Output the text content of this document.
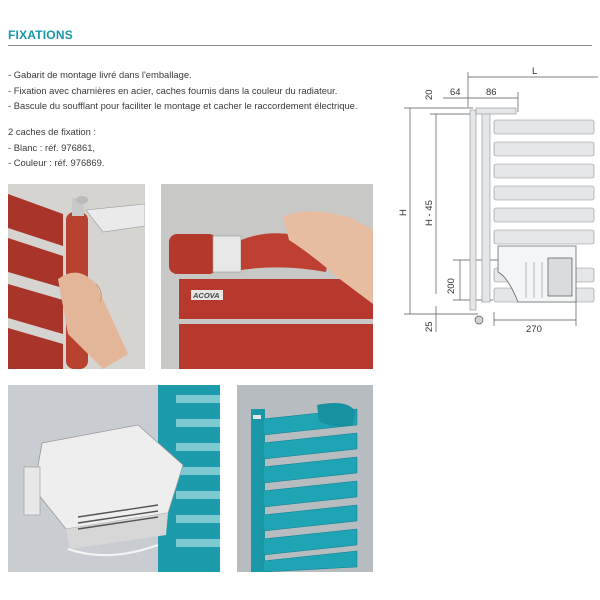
FIXATIONS
- Gabarit de montage livré dans l'emballage.
- Fixation avec charnières en acier, caches fournis dans la couleur du radiateur.
- Bascule du soufflant pour faciliter le montage et cacher le raccordement électrique.
2 caches de fixation :
- Blanc : réf. 976861,
- Couleur : réf. 976869.
L
64	86
20
H H - 45
200
25	270
ACOVA
